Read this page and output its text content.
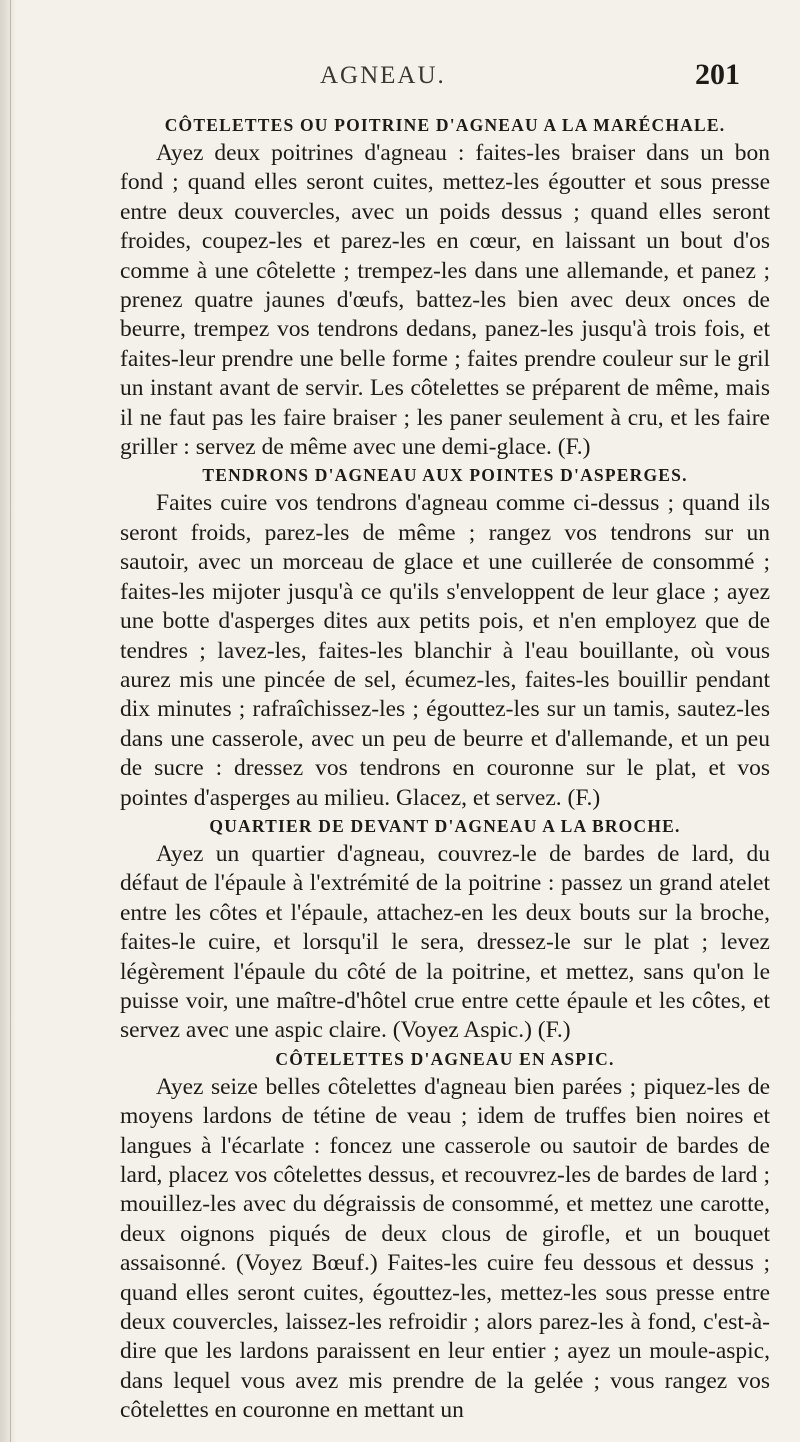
AGNEAU.	201
CÔTELETTES OU POITRINE D'AGNEAU A LA MARÉCHALE.

Ayez deux poitrines d'agneau : faites-les braiser dans un bon fond ; quand elles seront cuites, mettez-les égoutter et sous presse entre deux couvercles, avec un poids dessus ; quand elles seront froides, coupez-les et parez-les en cœur, en laissant un bout d'os comme à une côtelette ; trempez-les dans une allemande, et panez ; prenez quatre jaunes d'œufs, battez-les bien avec deux onces de beurre, trempez vos tendrons dedans, panez-les jusqu'à trois fois, et faites-leur prendre une belle forme ; faites prendre couleur sur le gril un instant avant de servir. Les côtelettes se préparent de même, mais il ne faut pas les faire braiser ; les paner seulement à cru, et les faire griller : servez de même avec une demi-glace. (F.)

TENDRONS D'AGNEAU AUX POINTES D'ASPERGES.

Faites cuire vos tendrons d'agneau comme ci-dessus ; quand ils seront froids, parez-les de même ; rangez vos tendrons sur un sautoir, avec un morceau de glace et une cuillerée de consommé ; faites-les mijoter jusqu'à ce qu'ils s'enveloppent de leur glace ; ayez une botte d'asperges dites aux petits pois, et n'en employez que de tendres ; lavez-les, faites-les blanchir à l'eau bouillante, où vous aurez mis une pincée de sel, écumez-les, faites-les bouillir pendant dix minutes ; rafraîchissez-les ; égouttez-les sur un tamis, sautez-les dans une casserole, avec un peu de beurre et d'allemande, et un peu de sucre : dressez vos tendrons en couronne sur le plat, et vos pointes d'asperges au milieu. Glacez, et servez. (F.)

QUARTIER DE DEVANT D'AGNEAU A LA BROCHE.

Ayez un quartier d'agneau, couvrez-le de bardes de lard, du défaut de l'épaule à l'extrémité de la poitrine : passez un grand atelet entre les côtes et l'épaule, attachez-en les deux bouts sur la broche, faites-le cuire, et lorsqu'il le sera, dressez-le sur le plat ; levez légèrement l'épaule du côté de la poitrine, et mettez, sans qu'on le puisse voir, une maître-d'hôtel crue entre cette épaule et les côtes, et servez avec une aspic claire. (Voyez Aspic.) (F.)

CÔTELETTES D'AGNEAU EN ASPIC.

Ayez seize belles côtelettes d'agneau bien parées ; piquez-les de moyens lardons de tétine de veau ; idem de truffes bien noires et langues à l'écarlate : foncez une casserole ou sautoir de bardes de lard, placez vos côtelettes dessus, et recouvrez-les de bardes de lard ; mouillez-les avec du dégraissis de consommé, et mettez une carotte, deux oignons piqués de deux clous de girofle, et un bouquet assaisonné. (Voyez Bœuf.) Faites-les cuire feu dessous et dessus ; quand elles seront cuites, égouttez-les, mettez-les sous presse entre deux couvercles, laissez-les refroidir ; alors parez-les à fond, c'est-à-dire que les lardons paraissent en leur entier ; ayez un moule-aspic, dans lequel vous avez mis prendre de la gelée ; vous rangez vos côtelettes en couronne en mettant un
